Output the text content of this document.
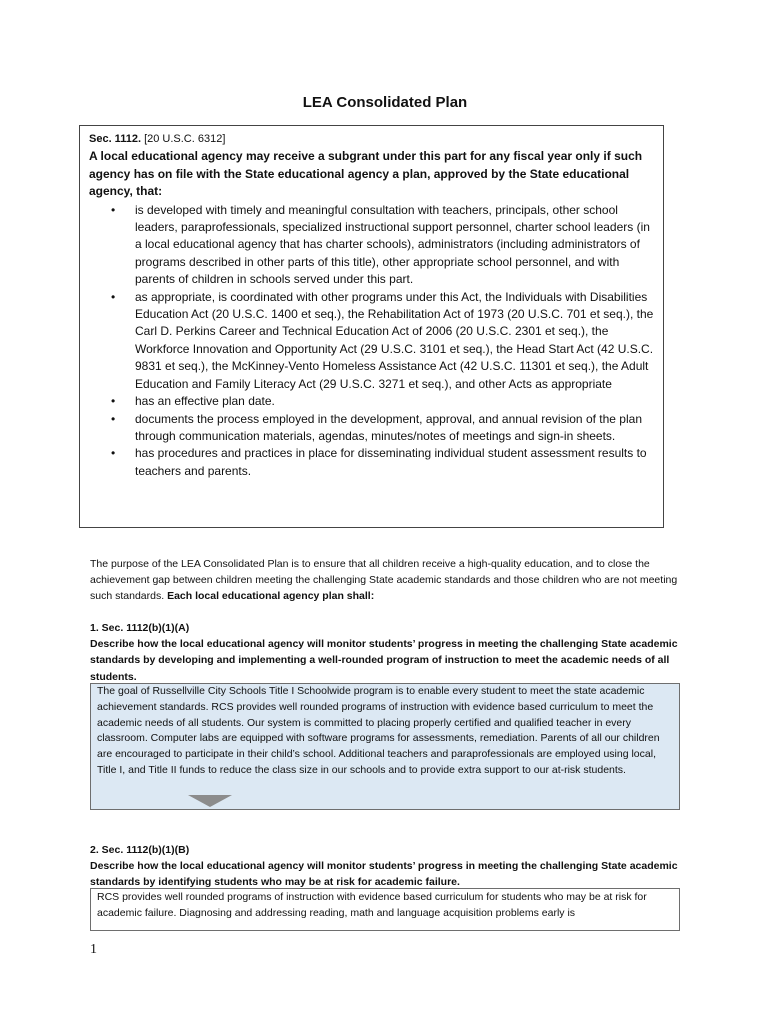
LEA Consolidated Plan
Sec. 1112. [20 U.S.C. 6312]
A local educational agency may receive a subgrant under this part for any fiscal year only if such agency has on file with the State educational agency a plan, approved by the State educational agency, that:
• is developed with timely and meaningful consultation with teachers, principals, other school leaders, paraprofessionals, specialized instructional support personnel, charter school leaders (in a local educational agency that has charter schools), administrators (including administrators of programs described in other parts of this title), other appropriate school personnel, and with parents of children in schools served under this part.
• as appropriate, is coordinated with other programs under this Act, the Individuals with Disabilities Education Act (20 U.S.C. 1400 et seq.), the Rehabilitation Act of 1973 (20 U.S.C. 701 et seq.), the Carl D. Perkins Career and Technical Education Act of 2006 (20 U.S.C. 2301 et seq.), the Workforce Innovation and Opportunity Act (29 U.S.C. 3101 et seq.), the Head Start Act (42 U.S.C. 9831 et seq.), the McKinney-Vento Homeless Assistance Act (42 U.S.C. 11301 et seq.), the Adult Education and Family Literacy Act (29 U.S.C. 3271 et seq.), and other Acts as appropriate
• has an effective plan date.
• documents the process employed in the development, approval, and annual revision of the plan through communication materials, agendas, minutes/notes of meetings and sign-in sheets.
• has procedures and practices in place for disseminating individual student assessment results to teachers and parents.
The purpose of the LEA Consolidated Plan is to ensure that all children receive a high-quality education, and to close the achievement gap between children meeting the challenging State academic standards and those children who are not meeting such standards. Each local educational agency plan shall:
1. Sec. 1112(b)(1)(A)
Describe how the local educational agency will monitor students’ progress in meeting the challenging State academic standards by developing and implementing a well-rounded program of instruction to meet the academic needs of all students.
The goal of Russellville City Schools Title I Schoolwide program is to enable every student to meet the state academic achievement standards. RCS provides well rounded programs of instruction with evidence based curriculum to meet the academic needs of all students. Our system is committed to placing properly certified and qualified teacher in every classroom. Computer labs are equipped with software programs for assessments, remediation. Parents of all our children are encouraged to participate in their child’s school. Additional teachers and paraprofessionals are employed using local, Title I, and Title II funds to reduce the class size in our schools and to provide extra support to our at-risk students.
2. Sec. 1112(b)(1)(B)
Describe how the local educational agency will monitor students’ progress in meeting the challenging State academic standards by identifying students who may be at risk for academic failure.
RCS provides well rounded programs of instruction with evidence based curriculum for students who may be at risk for academic failure. Diagnosing and addressing reading, math and language acquisition problems early is
1
